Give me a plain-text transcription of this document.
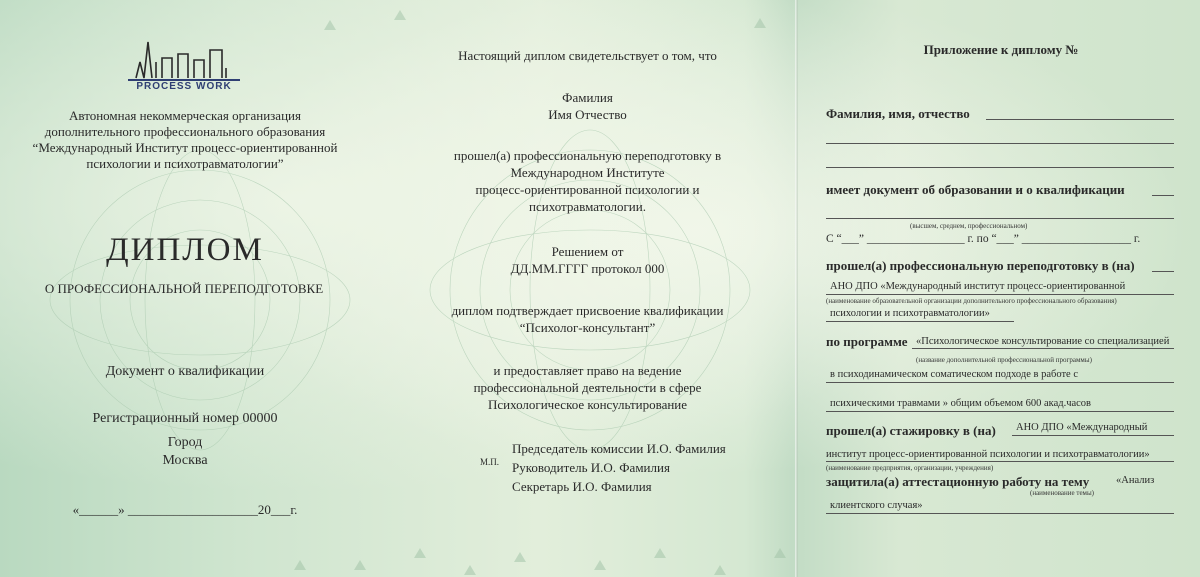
PROCESS WORK
Автономная некоммерческая организация
дополнительного профессионального образования
“Международный Институт процесс-ориентированной
психологии и психотравматологии”
ДИПЛОМ
О ПРОФЕССИОНАЛЬНОЙ ПЕРЕПОДГОТОВКЕ
Документ о квалификации
Регистрационный номер 00000
Город
Москва
«______» ____________________20___г.
Настоящий диплом свидетельствует о том, что
Фамилия
Имя Отчество
прошел(а) профессиональную переподготовку в
Международном Институте
процесс-ориентированной психологии и
психотравматологии.
Решением от
ДД.ММ.ГГГГ протокол 000
диплом подтверждает присвоение квалификации
“Психолог-консультант”
и предоставляет право на ведение
профессиональной деятельности в сфере
Психологическое консультирование
М.П.
Председатель комиссии И.О. Фамилия
Руководитель И.О. Фамилия
Секретарь И.О. Фамилия
Приложение к диплому №
Фамилия, имя, отчество
имеет документ об образовании и о квалификации
(высшем, среднем, профессиональном)
С “___” _________________ г. по “___” ___________________ г.
прошел(а) профессиональную переподготовку в (на)
АНО ДПО «Международный институт процесс-ориентированной
(наименование образовательной организации дополнительного профессионального образования)
психологии и психотравматологии»
по программе «Психологическое консультирование со специализацией
(название дополнительной профессиональной программы)
в психодинамическом соматическом подходе в работе с
психическими травмами » общим объемом 600 акад.часов
прошел(а) стажировку в (на) АНО ДПО «Международный
институт процесс-ориентированной психологии и психотравматологии»
(наименование предприятия, организации, учреждения)
защитила(а) аттестационную работу на тему	«Анализ
(наименование темы)
клиентского случая»
